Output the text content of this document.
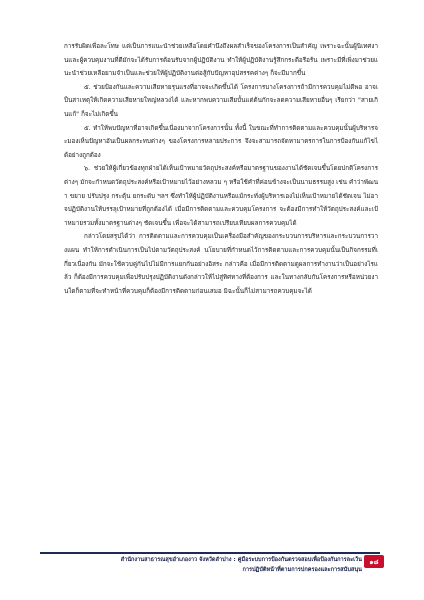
การรับผิดเพื่อละโทษ แต่เป็นการแนะนำช่วยเหลือโดยคำนึงถึงผลสำเร็จของโครงการเป็นสำคัญ เพราะฉะนั้นผู้นิเทศงานและผู้ควบคุมงานที่ดีมักจะได้รับการต้อนรับจากผู้ปฏิบัติงาน ทำให้ผู้ปฏิบัติงานรู้สึกกระตือรือร้น เพราะมีที่เพิ่งมาช่วยแนะนำช่วยเหลือยามจำเป็นและช่วยให้ผู้ปฏิบัติงานต่อสู้กับปัญหาอุปสรรคต่างๆ ก็จะมีมากขึ้น

๕. ช่วยป้องกันและความเสียหายรุนแรงที่อาจจะเกิดขึ้นได้ โครงการบางโครงการถ้ามีการควบคุมไม่ดีพอ อาจเป็นสาเหตุให้เกิดความเสียหายใหญ่หลวงได้ และหากพบความเสียบั้นแต่ต้นกักจะลดความเสียหายอื่นๆ เรียกว่า "สายเกินแก้" ก็จะไม่เกิดขึ้น

๕. ทำให้พบปัญหาที่อาจเกิดขึ้นเนื่องมาจากโครงการนั้น ทั้งนี้ ในขณะที่ทำการติดตามและควบคุมนั้นผู้บริหารจะมองเห็นปัญหาอันเป็นผลกระทบต่างๆ ของโครงการหลายประการ จึงจะสามารถจัดหามาตรการในการป้องกันแก้ไขได้อย่างถูกต้อง

๖. ช่วยให้ผู้เกี่ยวข้องทุกฝ่ายได้เห็นเป้าหมายวัตถุประสงค์หรือมาตรฐานของงานได้ชัดเจนขึ้นโดยปกติโครงการต่างๆ มักจะกำหนดวัตถุประสงค์หรือเป้าหมายไว้อย่างหลวม ๆ หรือใช้คำที่ค่อนข้างจะเป็นนามธรรมสูง เช่น คำว่าพัฒนา ขยาย ปรับปรุง กระตุ้น ยกระดับ ฯลฯ ซึ่งทำให้ผู้ปฏิบัติงานหรือแม้กระทั่งผู้บริหารเองไม่เห็นเป้าหมายได้ชัดเจน ไม่อาจปฏิบัติงานให้บรรลุเป้าหมายที่ถูกต้องได้ เมื่อมีการติดตามและควบคุมโครงการ จะต้องมีการทำให้วัตถุประสงค์และเป้าหมายรวมทั้งมาตรฐานต่างๆ ชัดเจนขึ้น เพื่อจะได้สามารถเปรียบเทียบผลการควบคุมได้

กล่าวโดยสรุปได้ว่า การติดตามและการควบคุมเป็นเครื่องมือสำคัญของกระบวนการบริหารและกระบวนการวางแผน ทำให้การดำเนินการเป็นไปตามวัตถุประสงค์ นโยบายที่กำหนดไว้การติดตามและการควบคุมนั้นเป็นกิจกรรมที่เกี่ยวเนื่องกัน มักจะใช้ควบคู่กันไปไม่มีการแยกกันอย่างอิสระ กล่าวคือ เมื่อมีการติดตามดูผลการทำงานว่าเป็นอย่างไรแล้ว ก็ต้องมีการควบคุมเพื่อปรับปรุงปฏิบัติงานดังกล่าวให้ไปสู่ทิศทางที่ต้องการ และในทางกลับกันโครงการหรือหน่วยงานใดก็ตามที่จะทำหน้าที่ควบคุมก็ต้องมีการติดตามก่อนเสมอ มิฉะนั้นก็ไม่สามารถควบคุมจะได้

สำนักงานสาธารณสุขอำเภองาว จังหวัดลำปาง : คู่มือระบบการป้องกันตรวจสอบเพื่อป้องกันการละเว้น
การปฏิบัติหน้าที่ตามการปกครองและการสนับสนุน
๑๘
